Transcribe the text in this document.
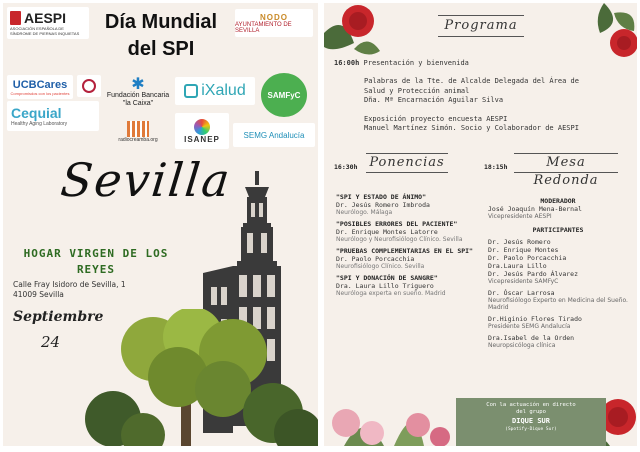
AESPI
ASOCIACIÓN ESPAÑOLA DE SÍNDROME DE PIERNAS INQUIETAS
Día Mundial del SPI
NODO
AYUNTAMIENTO DE SEVILLA
UCBCares
Compromisdos con los pacientes	✱
Fundación Bancaria "la Caixa"
iXalud	SAMFyC
Cequial
Healthy Aging Laboratory
radiocreamba.org	ISANEP	SEMG Andalucía
Sevilla
HOGAR VIRGEN DE LOS REYES
Calle Fray Isidoro de Sevilla, 1
41009 Sevilla
Septiembre
24
Programa
16:00h Presentación y bienvenida
Palabras de la Tte. de Alcalde Delegada del Área de
Salud y Protección animal
Dña. Mª Encarnación Aguilar Silva
Exposición proyecto encuesta AESPI
Manuel Martínez Simón. Socio y Colaborador de AESPI
16:30h Ponencias
"SPI Y ESTADO DE ÁNIMO"
Dr. Jesús Romero Imbroda
Neurólogo. Málaga
"POSIBLES ERRORES DEL PACIENTE"
Dr. Enrique Montes Latorre
Neurólogo y Neurofisiólogo Clínico. Sevilla
"PRUEBAS COMPLEMENTARIAS EN EL SPI"
Dr. Paolo Porcacchia
Neurofisiólogo Clínico. Sevilla
"SPI Y DONACIÓN DE SANGRE"
Dra. Laura Lillo Triguero
Neuróloga experta en sueño. Madrid
18:15h	Mesa Redonda
MODERADOR
José Joaquín Mena-Bernal
Vicepresidente AESPI
PARTICIPANTES
Dr. Jesús Romero
Dr. Enrique Montes
Dr. Paolo Porcacchia
Dra.Laura Lillo
Dr. Jesús Pardo Álvarez
Vicepresidente SAMFyC
Dr. Óscar Larrosa
Neurofisiólogo Experto en Medicina del Sueño. Madrid
Dr.Higinio Flores Tirado
Presidente SEMG Andalucía
Dra.Isabel de la Orden
Neuropsicóloga clínica
Con la actuación en directo
del grupo
DIQUE SUR
(Spotify-Dique Sur)
